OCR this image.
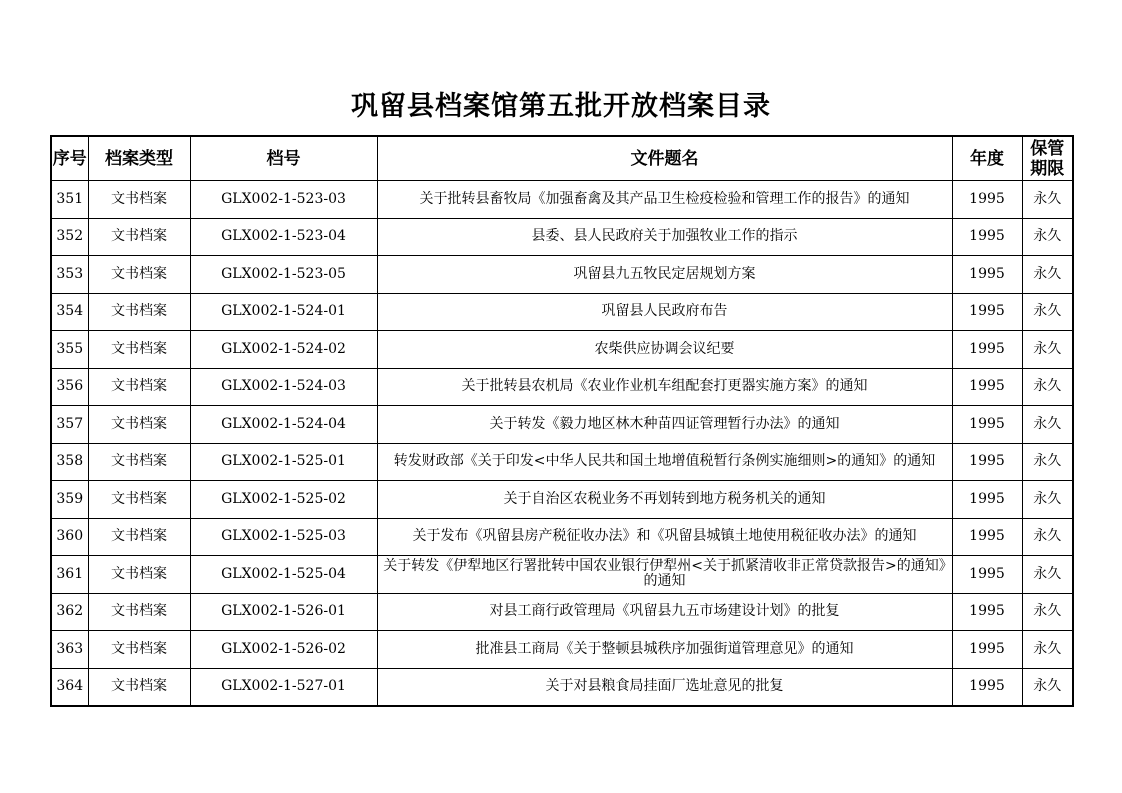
巩留县档案馆第五批开放档案目录
序号	档案类型	档号	文件题名	年度	保管
期限

351	文书档案	GLX002-1-523-03	关于批转县畜牧局《加强畜禽及其产品卫生检疫检验和管理工作的报告》的通知	1995	永久
352	文书档案	GLX002-1-523-04	县委、县人民政府关于加强牧业工作的指示	1995	永久
353	文书档案	GLX002-1-523-05	巩留县九五牧民定居规划方案	1995	永久
354	文书档案	GLX002-1-524-01	巩留县人民政府布告	1995	永久
355	文书档案	GLX002-1-524-02	农柴供应协调会议纪要	1995	永久
356	文书档案	GLX002-1-524-03	关于批转县农机局《农业作业机车组配套打更器实施方案》的通知	1995	永久
357	文书档案	GLX002-1-524-04	关于转发《毅力地区林木种苗四证管理暂行办法》的通知	1995	永久
358	文书档案	GLX002-1-525-01	转发财政部《关于印发<中华人民共和国土地增值税暂行条例实施细则>的通知》的通知	1995	永久
359	文书档案	GLX002-1-525-02	关于自治区农税业务不再划转到地方税务机关的通知	1995	永久
360	文书档案	GLX002-1-525-03	关于发布《巩留县房产税征收办法》和《巩留县城镇土地使用税征收办法》的通知	1995	永久
361	文书档案	GLX002-1-525-04	关于转发《伊犁地区行署批转中国农业银行伊犁州<关于抓紧清收非正常贷款报告>的通知》的通知	1995	永久
362	文书档案	GLX002-1-526-01	对县工商行政管理局《巩留县九五市场建设计划》的批复	1995	永久
363	文书档案	GLX002-1-526-02	批准县工商局《关于整顿县城秩序加强街道管理意见》的通知	1995	永久
364	文书档案	GLX002-1-527-01	关于对县粮食局挂面厂选址意见的批复	1995	永久
